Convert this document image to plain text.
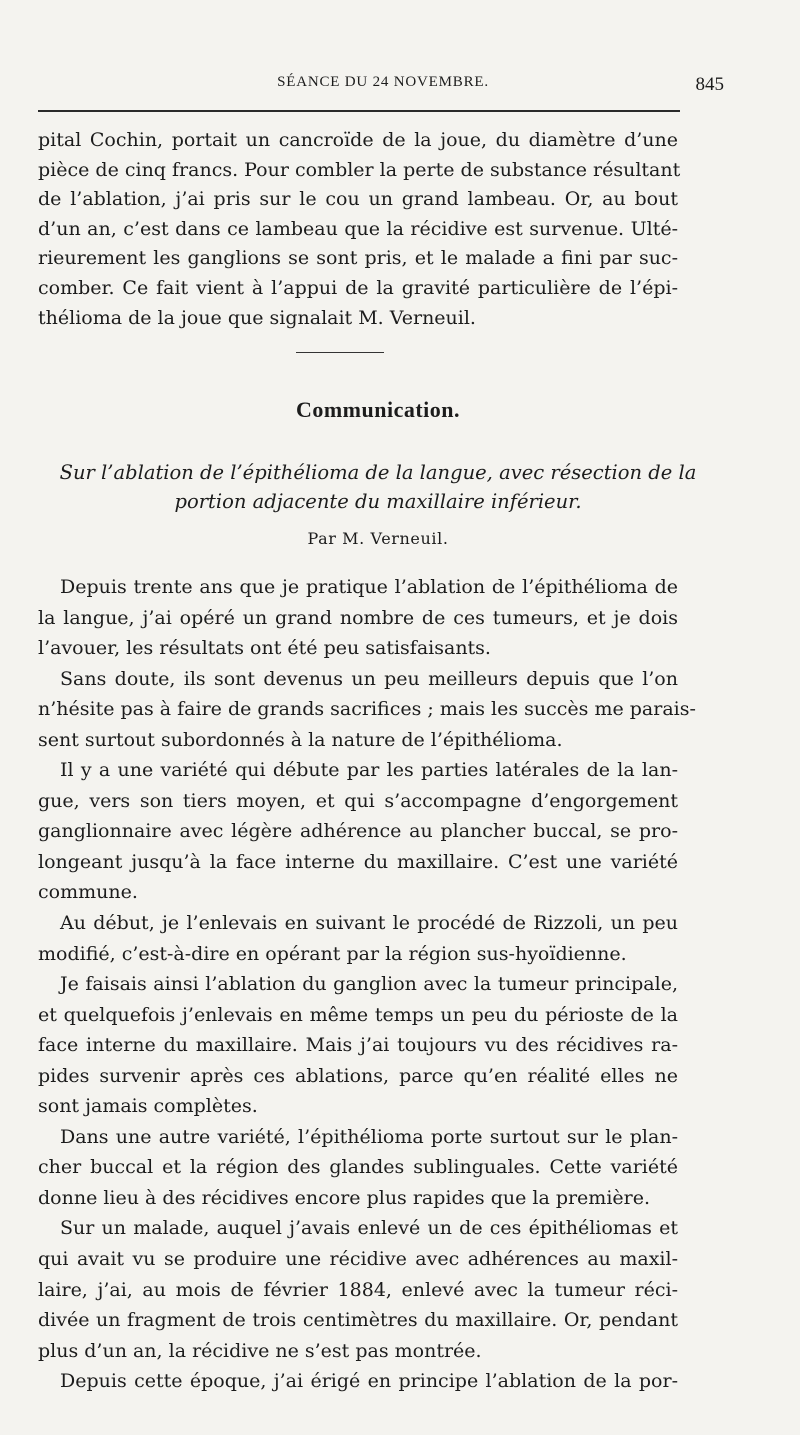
SÉANCE DU 24 NOVEMBRE.	845
pital Cochin, portait un cancroïde de la joue, du diamètre d’une
pièce de cinq francs. Pour combler la perte de substance résultant
de l’ablation, j’ai pris sur le cou un grand lambeau. Or, au bout
d’un an, c’est dans ce lambeau que la récidive est survenue. Ulté-
rieurement les ganglions se sont pris, et le malade a fini par suc-
comber. Ce fait vient à l’appui de la gravité particulière de l’épi-
thélioma de la joue que signalait M. Verneuil.
Communication.
Sur l’ablation de l’épithélioma de la langue, avec résection de la
portion adjacente du maxillaire inférieur.
Par M. Verneuil.
Depuis trente ans que je pratique l’ablation de l’épithélioma de
la langue, j’ai opéré un grand nombre de ces tumeurs, et je dois
l’avouer, les résultats ont été peu satisfaisants.
Sans doute, ils sont devenus un peu meilleurs depuis que l’on
n’hésite pas à faire de grands sacrifices ; mais les succès me parais-
sent surtout subordonnés à la nature de l’épithélioma.
Il y a une variété qui débute par les parties latérales de la lan-
gue, vers son tiers moyen, et qui s’accompagne d’engorgement
ganglionnaire avec légère adhérence au plancher buccal, se pro-
longeant jusqu’à la face interne du maxillaire. C’est une variété
commune.
Au début, je l’enlevais en suivant le procédé de Rizzoli, un peu
modifié, c’est-à-dire en opérant par la région sus-hyoïdienne.
Je faisais ainsi l’ablation du ganglion avec la tumeur principale,
et quelquefois j’enlevais en même temps un peu du périoste de la
face interne du maxillaire. Mais j’ai toujours vu des récidives ra-
pides survenir après ces ablations, parce qu’en réalité elles ne
sont jamais complètes.
Dans une autre variété, l’épithélioma porte surtout sur le plan-
cher buccal et la région des glandes sublinguales. Cette variété
donne lieu à des récidives encore plus rapides que la première.
Sur un malade, auquel j’avais enlevé un de ces épithéliomas et
qui avait vu se produire une récidive avec adhérences au maxil-
laire, j’ai, au mois de février 1884, enlevé avec la tumeur réci-
divée un fragment de trois centimètres du maxillaire. Or, pendant
plus d’un an, la récidive ne s’est pas montrée.
Depuis cette époque, j’ai érigé en principe l’ablation de la por-
